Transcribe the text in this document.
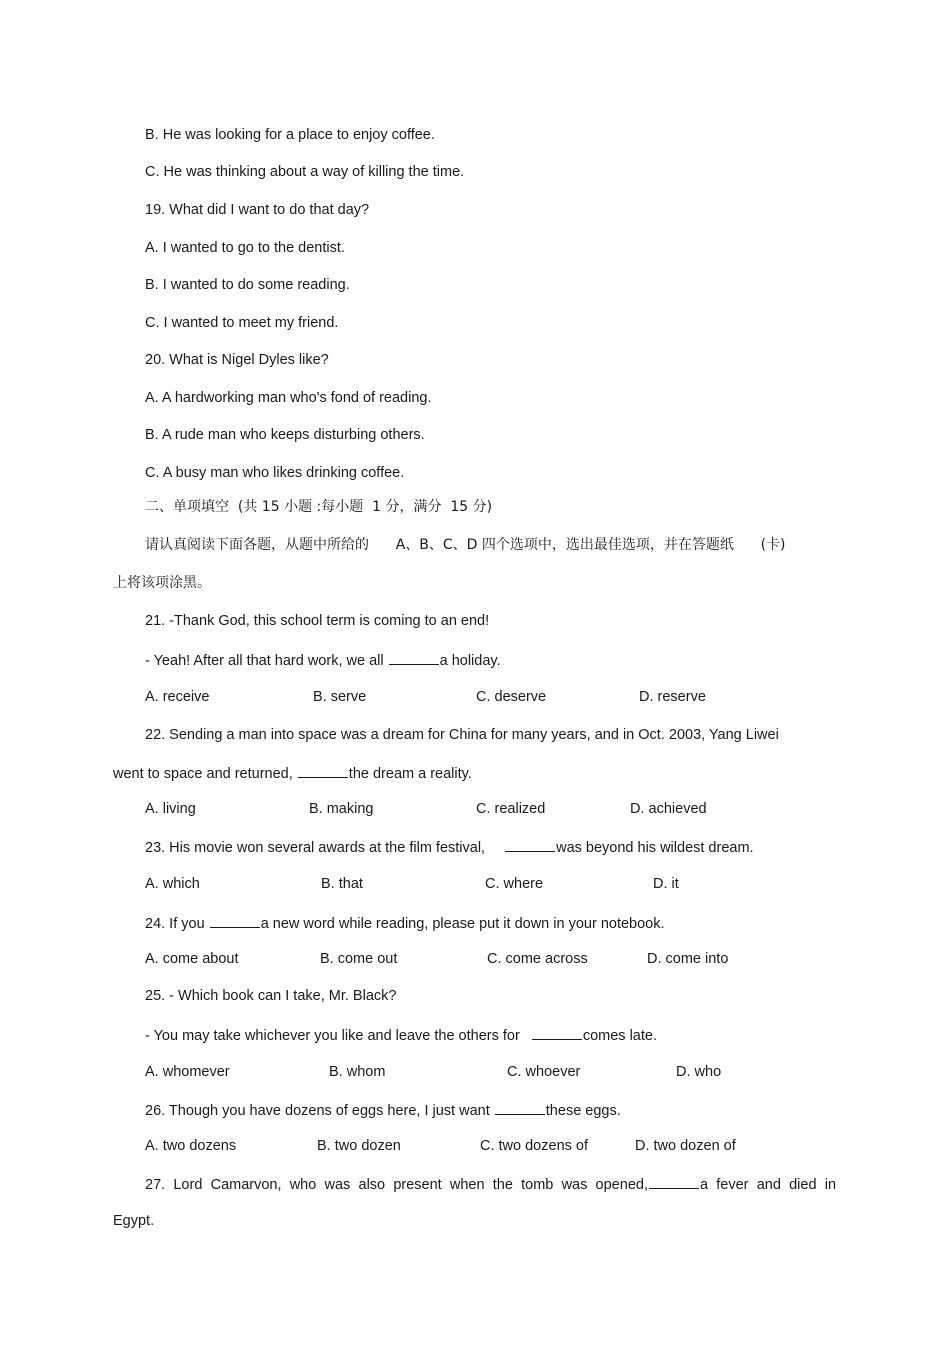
B. He was looking for a place to enjoy coffee.
C. He was thinking about a way of killing the time.
19. What did I want to do that day?
A. I wanted to go to the dentist.
B. I wanted to do some reading.
C. I wanted to meet my friend.
20. What is Nigel Dyles like?
A. A hardworking man who's fond of reading.
B. A rude man who keeps disturbing others.
C. A busy man who likes drinking coffee.
二、单项填空  (共 15 小题 :每小题  1 分，满分  15 分)
请认真阅读下面各题，从题中所给的      A、B、C、D 四个选项中，选出最佳选项，并在答题纸      (卡)
上将该项涂黑。
21. -Thank God, this school term is coming to an end!
- Yeah! After all that hard work, we all	a holiday.
A. receive	B. serve	C. deserve	D. reserve
22. Sending a man into space was a dream for China for many years, and in Oct. 2003, Yang Liwei
went to space and returned,	the dream a reality.
A. living	B. making	C. realized	D. achieved
23. His movie won several awards at the film festival,	was beyond his wildest dream.
A. which	B. that	C. where	D. it
24. If you	a new word while reading, please put it down in your notebook.
A. come about	B. come out	C. come across	D. come into
25. - Which book can I take, Mr. Black?
- You may take whichever you like and leave the others for	comes late.
A. whomever	B. whom	C. whoever	D. who
26. Though you have dozens of eggs here, I just want	these eggs.
A. two dozens	B. two dozen	C. two dozens of	D. two dozen of
27. Lord Camarvon, who was also present when the tomb was opened,	a fever and died in
Egypt.
